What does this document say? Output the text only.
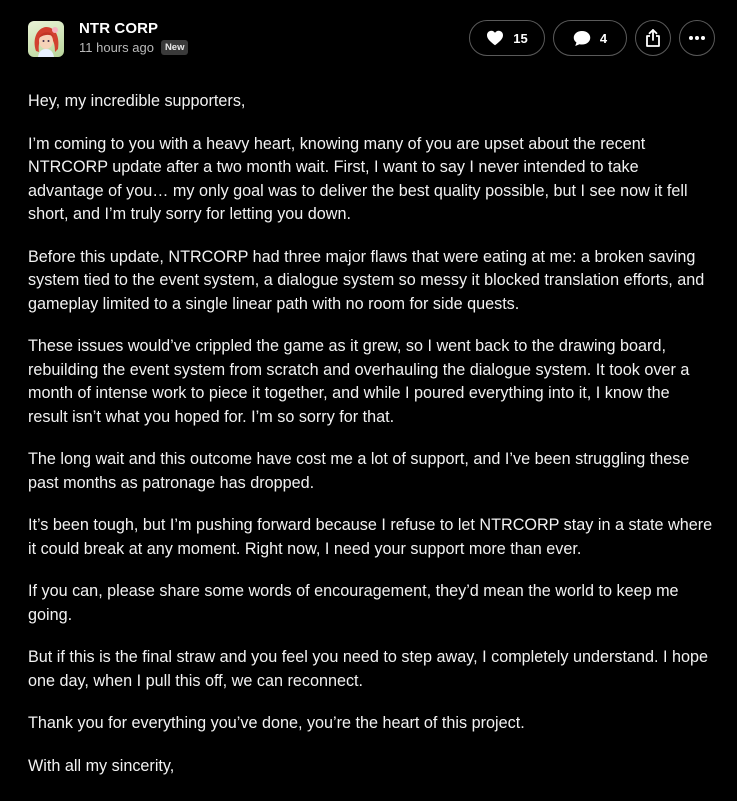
NTR CORP
11 hours ago	New
15	4

Hey, my incredible supporters,

I’m coming to you with a heavy heart, knowing many of you are upset about the recent NTRCORP update after a two month wait. First, I want to say I never intended to take advantage of you… my only goal was to deliver the best quality possible, but I see now it fell short, and I’m truly sorry for letting you down.

Before this update, NTRCORP had three major flaws that were eating at me: a broken saving system tied to the event system, a dialogue system so messy it blocked translation efforts, and gameplay limited to a single linear path with no room for side quests.

These issues would’ve crippled the game as it grew, so I went back to the drawing board, rebuilding the event system from scratch and overhauling the dialogue system. It took over a month of intense work to piece it together, and while I poured everything into it, I know the result isn’t what you hoped for. I’m so sorry for that.

The long wait and this outcome have cost me a lot of support, and I’ve been struggling these past months as patronage has dropped.

It’s been tough, but I’m pushing forward because I refuse to let NTRCORP stay in a state where it could break at any moment. Right now, I need your support more than ever.

If you can, please share some words of encouragement, they’d mean the world to keep me going.

But if this is the final straw and you feel you need to step away, I completely understand. I hope one day, when I pull this off, we can reconnect.

Thank you for everything you’ve done, you’re the heart of this project.

With all my sincerity,
